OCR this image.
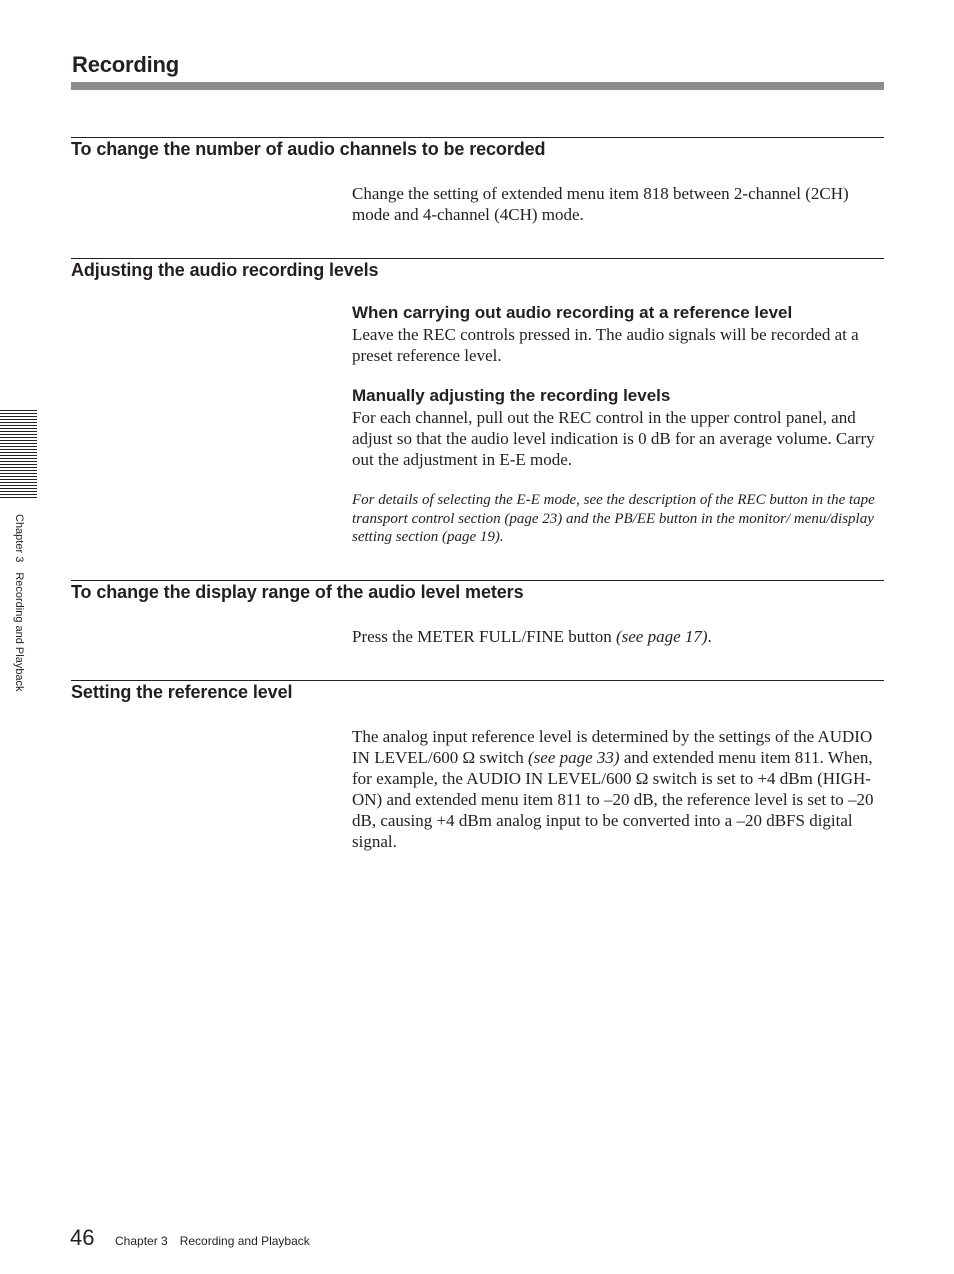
Recording
To change the number of audio channels to be recorded

Change the setting of extended menu item 818 between 2-channel (2CH) mode and 4-channel (4CH) mode.

Adjusting the audio recording levels
When carrying out audio recording at a reference level

Leave the REC controls pressed in. The audio signals will be recorded at a preset reference level.

Manually adjusting the recording levels

For each channel, pull out the REC control in the upper control panel, and adjust so that the audio level indication is 0 dB for an average volume. Carry out the adjustment in E-E mode.

For details of selecting the E-E mode, see the description of the REC button in the tape transport control section (page 23) and the PB/EE button in the monitor/ menu/display setting section (page 19).

To change the display range of the audio level meters

Press the METER FULL/FINE button (see page 17).

Setting the reference level

The analog input reference level is determined by the settings of the AUDIO IN LEVEL/600 Ω switch (see page 33) and extended menu item 811. When, for example, the AUDIO IN LEVEL/600 Ω switch is set to +4 dBm (HIGH-ON) and extended menu item 811 to –20 dB, the reference level is set to –20 dB, causing +4 dBm analog input to be converted into a –20 dBFS digital signal.

Chapter 3Recording and Playback
46 Chapter 3 Recording and Playback
